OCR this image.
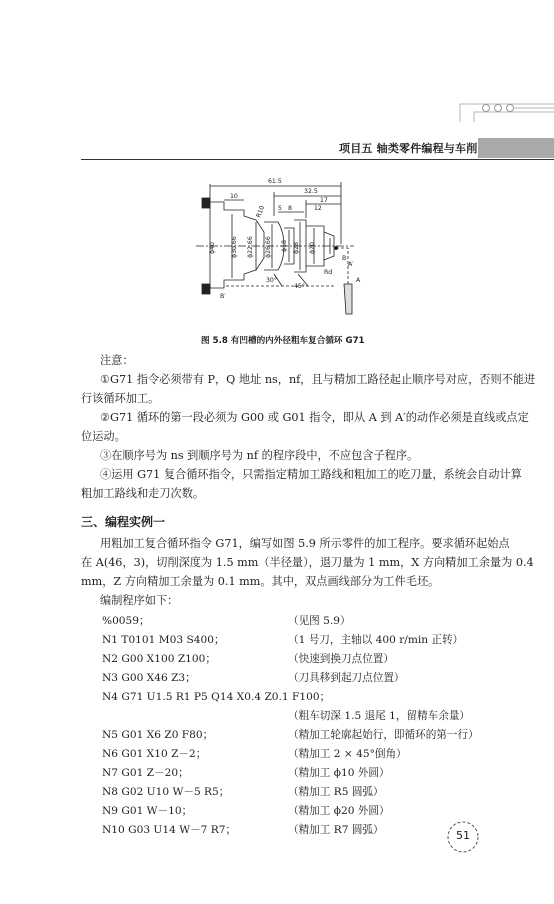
项目五 轴类零件编程与车削
61.5
32.5
17
10
5 8	12
R10
ϕ40 ϕ30.66 ϕ22.66 ϕ26.66 ϕ18 ϕ28 ϕ20
30°
45°
Rd
B
A′
A
B′
图 5.8 有凹槽的内外径粗车复合循环 G71
注意：
①G71 指令必须带有 P，Q 地址 ns，nf，且与精加工路径起止顺序号对应，否则不能进
行该循环加工。
②G71 循环的第一段必须为 G00 或 G01 指令，即从 A 到 A′的动作必须是直线或点定
位运动。
③在顺序号为 ns 到顺序号为 nf 的程序段中，不应包含子程序。
④运用 G71 复合循环指令，只需指定精加工路线和粗加工的吃刀量，系统会自动计算
粗加工路线和走刀次数。
三、编程实例一
用粗加工复合循环指令 G71，编写如图 5.9 所示零件的加工程序。要求循环起始点
在 A(46，3)，切削深度为 1.5 mm（半径量），退刀量为 1 mm，X 方向精加工余量为 0.4
mm，Z 方向精加工余量为 0.1 mm。其中，双点画线部分为工件毛坯。
编制程序如下：
%0059；	（见图 5.9）
N1 T0101 M03 S400；	（1 号刀，主轴以 400 r/min 正转）
N2 G00 X100 Z100；	（快速到换刀点位置）
N3 G00 X46 Z3；	（刀具移到起刀点位置）
N4 G71 U1.5 R1 P5 Q14 X0.4 Z0.1 F100；
（粗车切深 1.5 退尾 1，留精车余量）
N5 G01 X6 Z0 F80；	（精加工轮廓起始行，即循环的第一行）
N6 G01 X10 Z－2；	（精加工 2 × 45°倒角）
N7 G01 Z－20；	（精加工 ϕ10 外圆）
N8 G02 U10 W－5 R5；	（精加工 R5 圆弧）
N9 G01 W－10；	（精加工 ϕ20 外圆）
N10 G03 U14 W－7 R7；	（精加工 R7 圆弧）	51
